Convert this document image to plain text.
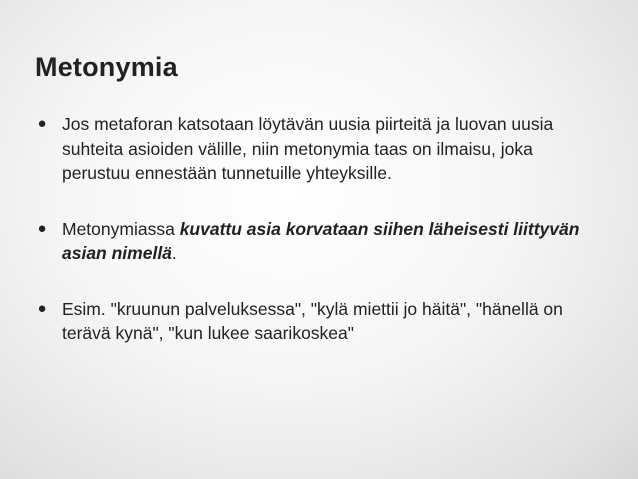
Metonymia
● Jos metaforan katsotaan löytävän uusia piirteitä ja luovan uusia suhteita asioiden välille, niin metonymia taas on ilmaisu, joka perustuu ennestään tunnetuille yhteyksille.
● Metonymiassa kuvattu asia korvataan siihen läheisesti liittyvän asian nimellä.
● Esim. "kruunun palveluksessa", "kylä miettii jo häitä", "hänellä on terävä kynä", "kun lukee saarikoskea"
